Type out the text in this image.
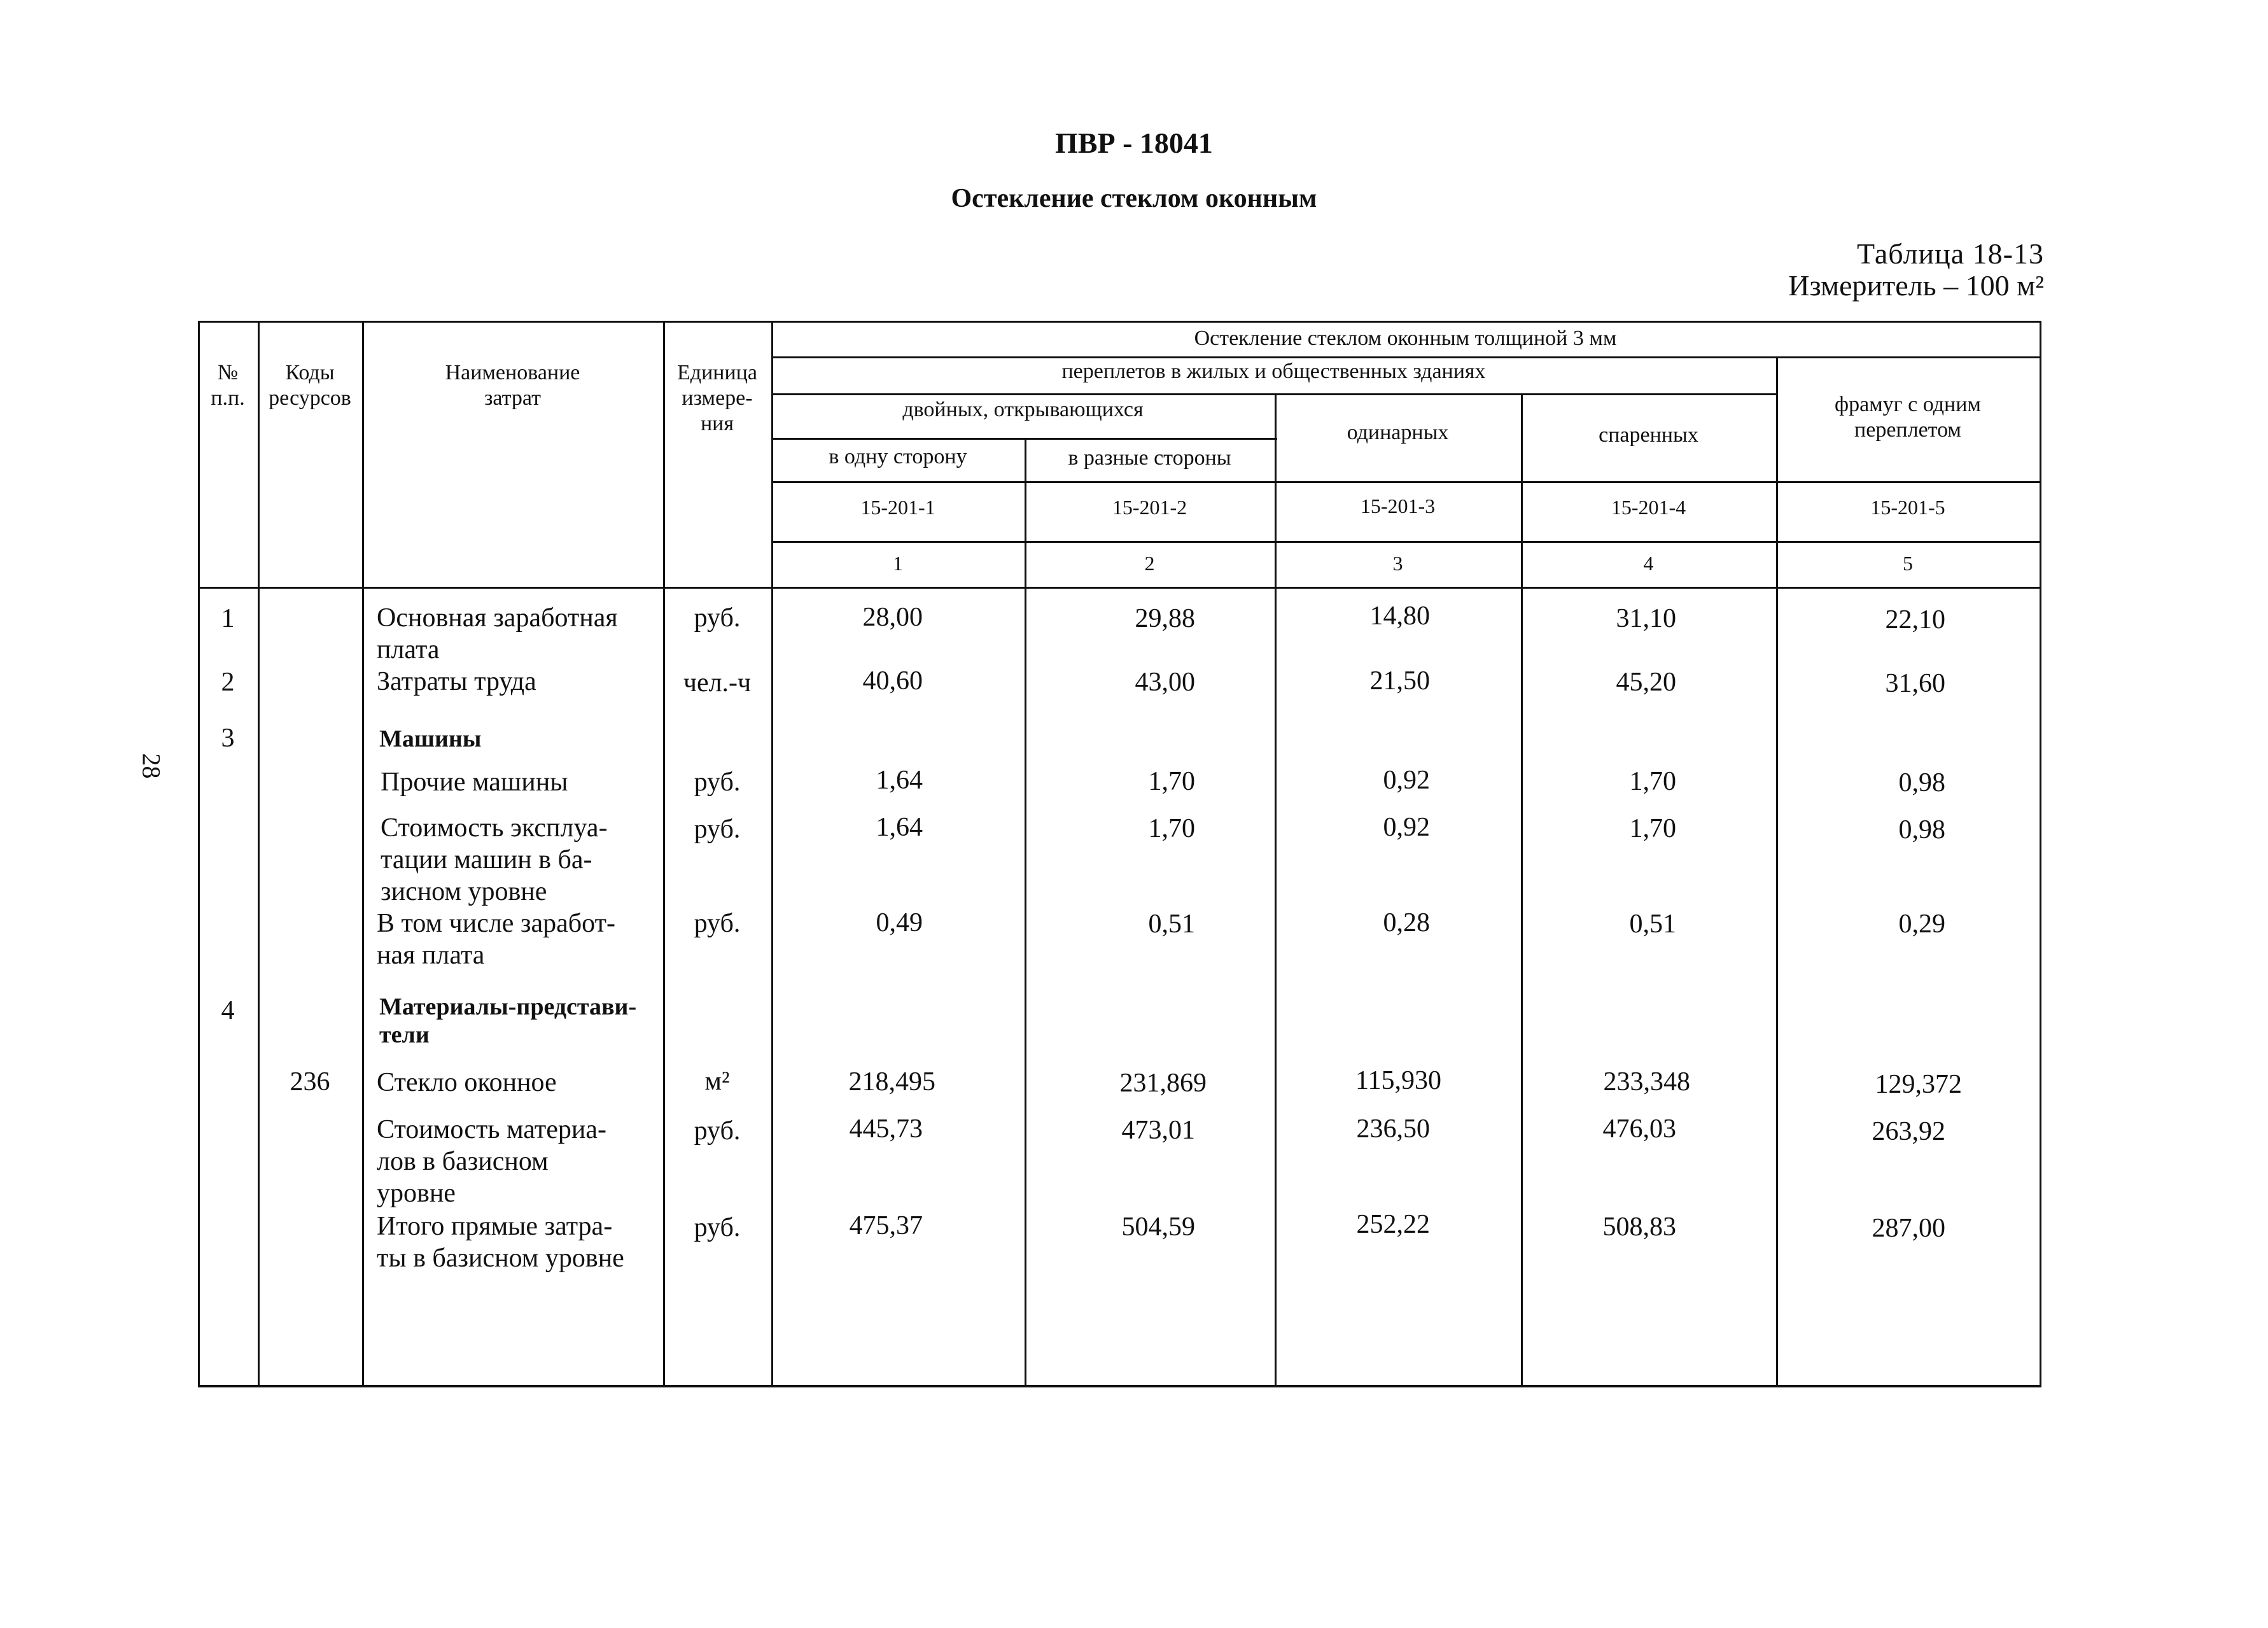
ПВР - 18041
Остекление стеклом оконным
Таблица 18-13
Измеритель – 100 м²
28
№
п.п.
Коды
ресурсов
Наименование
затрат
Единица
измере-
ния
Остекление стеклом оконным толщиной 3 мм
переплетов в жилых и общественных зданиях
двойных, открывающихся
в одну сторону	в разные стороны
одинарных	спаренных
фрамуг с одним
переплетом
15-201-1	15-201-2	15-201-3	15-201-4	15-201-5
1	2	3	4	5
1	Основная заработная
плата
руб.	28,00	29,88	14,80	31,10	22,10
2	Затраты труда	чел.-ч	40,60	43,00	21,50	45,20	31,60
3	Машины
Прочие машины	руб.	1,64	1,70	0,92	1,70	0,98
Стоимость эксплуа-
тации машин в ба-
зисном уровне
руб.	1,64	1,70	0,92	1,70	0,98
В том числе заработ-
ная плата
руб.	0,49	0,51	0,28	0,51	0,29
4	Материалы-представи-
тели
236	Стекло оконное	м²	218,495	231,869	115,930	233,348	129,372
Стоимость материа-
лов в базисном
уровне
руб.	445,73	473,01	236,50	476,03	263,92
Итого прямые затра-
ты в базисном уровне
руб.	475,37	504,59	252,22	508,83	287,00
